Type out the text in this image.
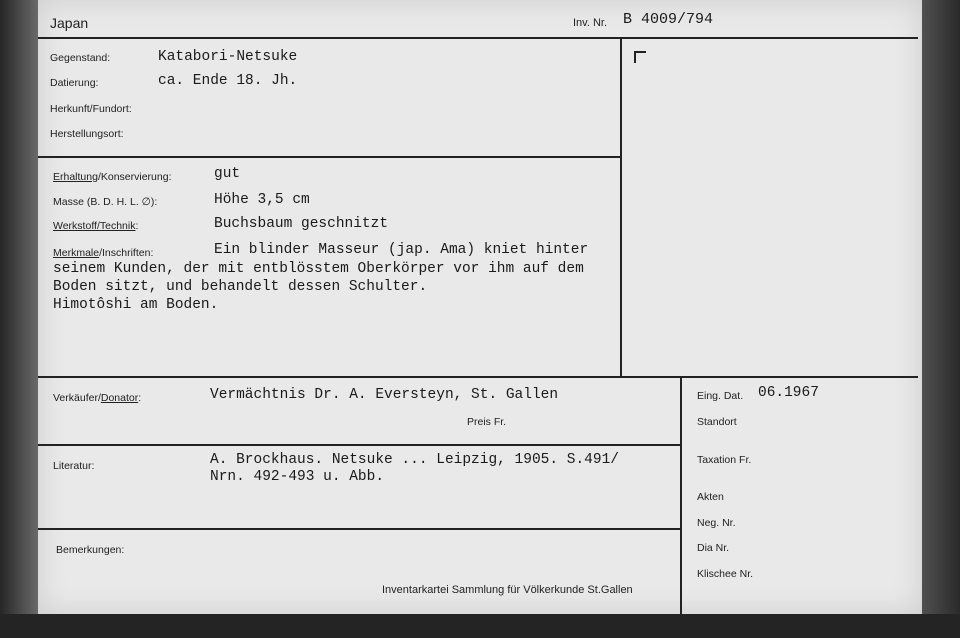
Japan	Inv. Nr. B 4009/794
Gegenstand:	Katabori-Netsuke
Datierung:	ca. Ende 18. Jh.
Herkunft/Fundort:
Herstellungsort:
Erhaltung/Konservierung:	gut
Masse (B. D. H. L. ∅):	Höhe 3,5 cm
Werkstoff/Technik:	Buchsbaum geschnitzt
Merkmale/Inschriften:	Ein blinder Masseur (jap. Ama) kniet hinter
seinem Kunden, der mit entblösstem Oberkörper vor ihm auf dem
Boden sitzt, und behandelt dessen Schulter.
Himotôshi am Boden.
Verkäufer/Donator:	Vermächtnis Dr. A. Eversteyn, St. Gallen
Preis Fr.
Literatur:	A. Brockhaus. Netsuke ... Leipzig, 1905. S.491/
Nrn. 492-493 u. Abb.
Bemerkungen:
Inventarkartei Sammlung für Völkerkunde St.Gallen
Eing. Dat. 06.1967
Standort
Taxation Fr.
Akten
Neg. Nr.
Dia Nr.
Klischee Nr.
